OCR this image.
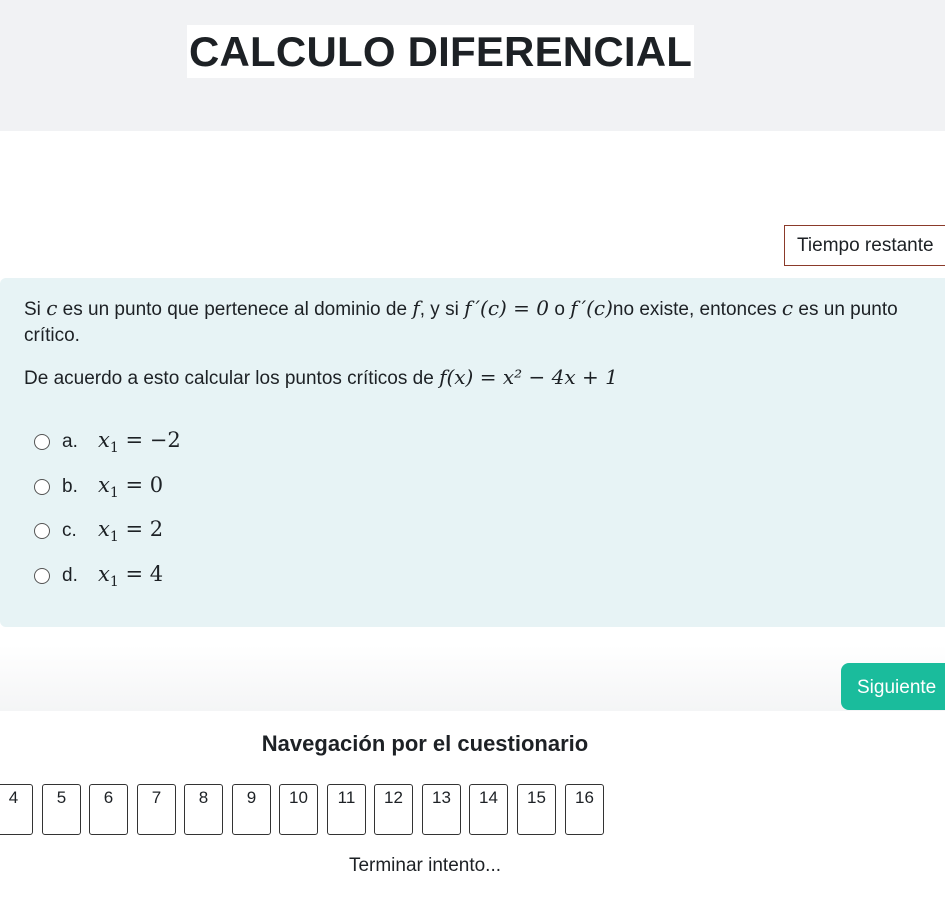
CALCULO DIFERENCIAL
Tiempo restante
Si c es un punto que pertenece al dominio de f, y si f ′(c) = 0 o f ′(c)no existe, entonces c es un punto
crítico.
De acuerdo a esto calcular los puntos críticos de f(x) = x² − 4x + 1
a. $x_1 = -2$
b. $x_1 = 0$
c.	$x_1 = 2$
d. $x_1 = 4$
Siguiente
Navegación por el cuestionario
4	5	6	7	8	9	10	11	12	13	14	15	16
Terminar intento...
